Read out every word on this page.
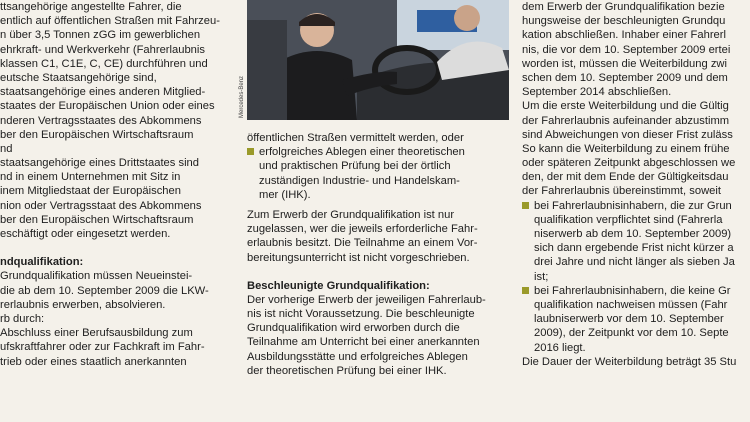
ttsangehörige angestellte Fahrer, die
entlich auf öffentlichen Straßen mit Fahrzeu-
n über 3,5 Tonnen zGG im gewerblichen
ehrkraft- und Werkverkehr (Fahrerlaubnis
klassen C1, C1E, C, CE) durchführen und
eutsche Staatsangehörige sind,
staatsangehörige eines anderen Mitglied-
staates der Europäischen Union oder eines
nderen Vertragsstaates des Abkommens
ber den Europäischen Wirtschaftsraum
nd
staatsangehörige eines Drittstaates sind
nd in einem Unternehmen mit Sitz in
inem Mitgliedstaat der Europäischen
nion oder Vertragsstaat des Abkommens
ber den Europäischen Wirtschaftsraum
eschäftigt oder eingesetzt werden.
ndqualifikation:
Grundqualifikation müssen Neueinstei-
die ab dem 10. September 2009 die LKW-
rerlaubnis erwerben, absolvieren.
rb durch:
Abschluss einer Berufsausbildung zum
ufskraftfahrer oder zur Fachkraft im Fahr-
trieb oder eines staatlich anerkannten
Mercedes-Benz
öffentlichen Straßen vermittelt werden, oder
erfolgreiches Ablegen einer theoretischen
und praktischen Prüfung bei der örtlich
zuständigen Industrie- und Handelskam-
mer (IHK).
Zum Erwerb der Grundqualifikation ist nur
zugelassen, wer die jeweils erforderliche Fahr-
erlaubnis besitzt. Die Teilnahme an einem Vor-
bereitungsunterricht ist nicht vorgeschrieben.
Beschleunigte Grundqualifikation:
Der vorherige Erwerb der jeweiligen Fahrerlaub-
nis ist nicht Voraussetzung. Die beschleunigte
Grundqualifikation wird erworben durch die
Teilnahme am Unterricht bei einer anerkannten
Ausbildungsstätte und erfolgreiches Ablegen
der theoretischen Prüfung bei einer IHK.
dem Erwerb der Grundqualifikation bezie
hungsweise der beschleunigten Grundqu
kation abschließen. Inhaber einer Fahrerl
nis, die vor dem 10. September 2009 ertei
worden ist, müssen die Weiterbildung zwi
schen dem 10. September 2009 und dem
September 2014 abschließen.
Um die erste Weiterbildung und die Gültig
der Fahrerlaubnis aufeinander abzustimm
sind Abweichungen von dieser Frist zuläss
So kann die Weiterbildung zu einem frühe
oder späteren Zeitpunkt abgeschlossen we
den, der mit dem Ende der Gültigkeitsdau
der Fahrerlaubnis übereinstimmt, soweit
bei Fahrerlaubnisinhabern, die zur Grun
qualifikation verpflichtet sind (Fahrerla
niserwerb ab dem 10. September 2009)
sich dann ergebende Frist nicht kürzer a
drei Jahre und nicht länger als sieben Ja
ist;
bei Fahrerlaubnisinhabern, die keine Gr
qualifikation nachweisen müssen (Fahr
laubniserwerb vor dem 10. September
2009), der Zeitpunkt vor dem 10. Septe
2016 liegt.
Die Dauer der Weiterbildung beträgt 35 Stu
